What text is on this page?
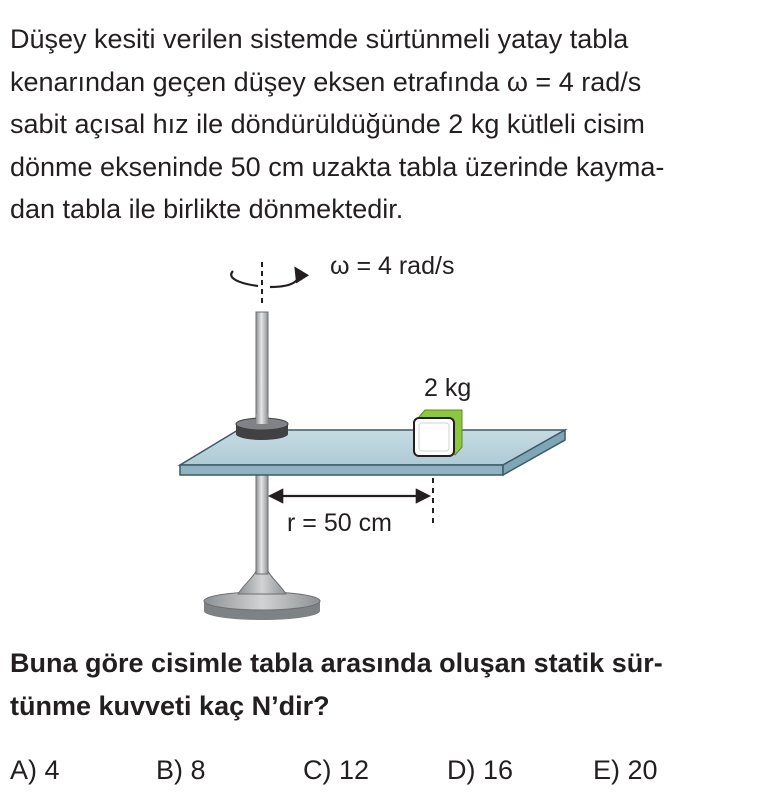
Düşey kesiti verilen sistemde sürtünmeli yatay tabla
kenarından geçen düşey eksen etrafında ω = 4 rad/s
sabit açısal hız ile döndürüldüğünde 2 kg kütleli cisim
dönme ekseninde 50 cm uzakta tabla üzerinde kayma-
dan tabla ile birlikte dönmektedir.
ω = 4 rad/s
2 kg
r = 50 cm
Buna göre cisimle tabla arasında oluşan statik sür-
tünme kuvveti kaç N’dir?
A) 4	B) 8	C) 12	D) 16	E) 20
